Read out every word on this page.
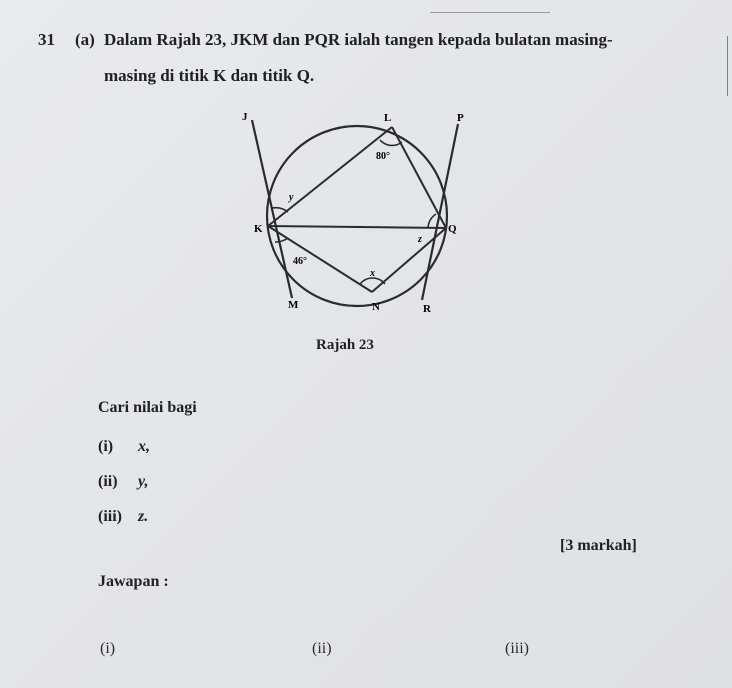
31 (a) Dalam Rajah 23, JKM dan PQR ialah tangen kepada bulatan masing-
masing di titik K dan titik Q.
J	L	P
K	Q
M	N	R
80°
46°
y
x
z
Rajah 23
Cari nilai bagi
(i) x,
(ii) y,
(iii) z.
[3 markah]
Jawapan :
(i)	(ii)	(iii)
